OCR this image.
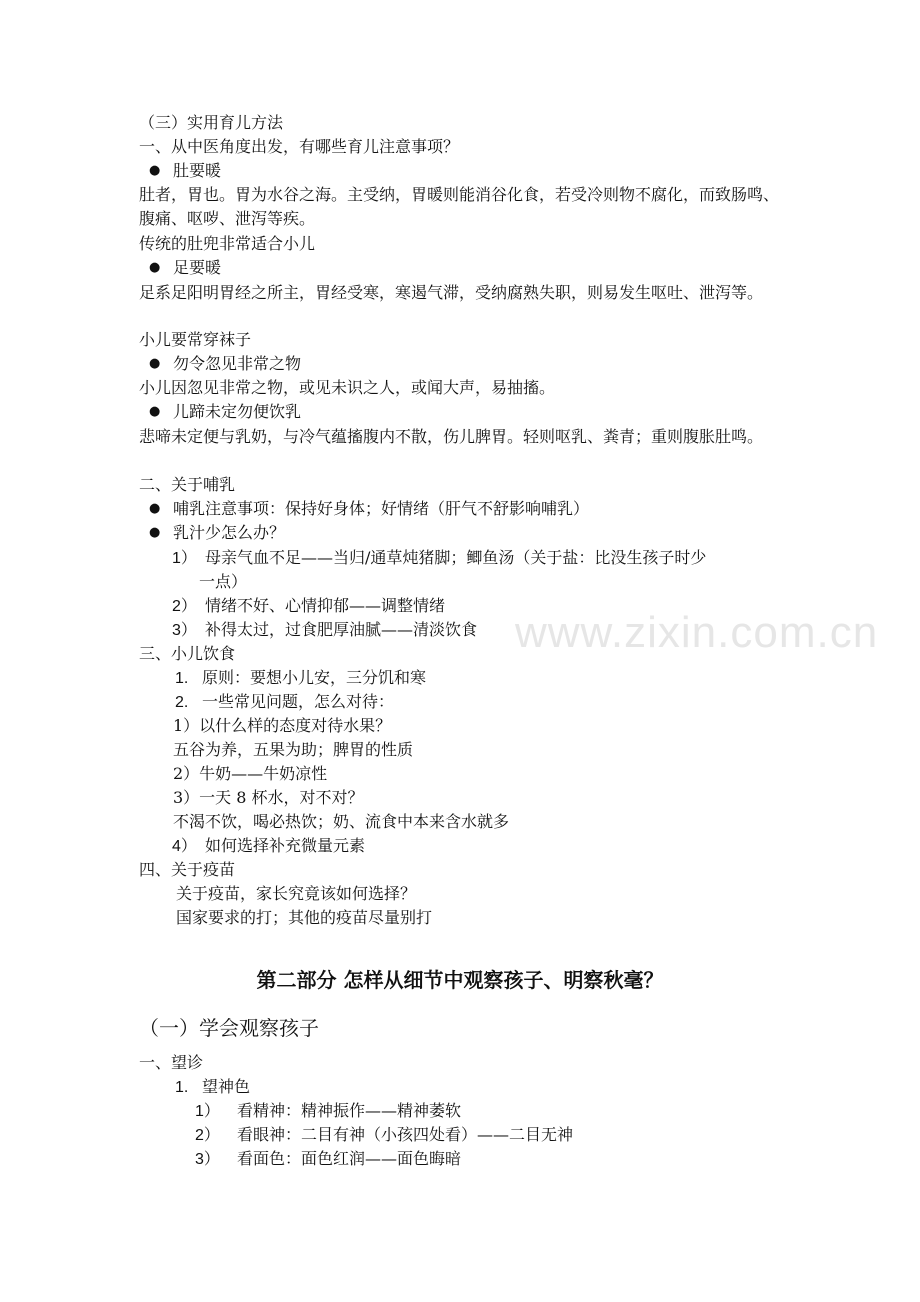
www.zixin.com.cn
（三）实用育儿方法
一、从中医角度出发，有哪些育儿注意事项？
● 肚要暖
肚者，胃也。胃为水谷之海。主受纳，胃暖则能消谷化食，若受冷则物不腐化，而致肠鸣、腹痛、呕哕、泄泻等疾。
传统的肚兜非常适合小儿
● 足要暖
足系足阳明胃经之所主，胃经受寒，寒遏气滞，受纳腐熟失职，则易发生呕吐、泄泻等。
小儿要常穿袜子
● 勿令忽见非常之物
小儿因忽见非常之物，或见未识之人，或闻大声，易抽搐。
● 儿蹄未定勿便饮乳
悲啼未定便与乳奶，与冷气蕴搐腹内不散，伤儿脾胃。轻则呕乳、粪青；重则腹胀肚鸣。
二、关于哺乳
● 哺乳注意事项：保持好身体；好情绪（肝气不舒影响哺乳）
● 乳汁少怎么办？
1） 母亲气血不足——当归/通草炖猪脚；鲫鱼汤（关于盐：比没生孩子时少
一点）
2） 情绪不好、心情抑郁——调整情绪
3） 补得太过，过食肥厚油腻——清淡饮食
三、小儿饮食
1. 原则：要想小儿安，三分饥和寒
2. 一些常见问题，怎么对待：
1）以什么样的态度对待水果？
五谷为养，五果为助；脾胃的性质
2）牛奶——牛奶凉性
3）一天 8 杯水，对不对？
不渴不饮，喝必热饮；奶、流食中本来含水就多
4） 如何选择补充微量元素
四、关于疫苗
关于疫苗，家长究竟该如何选择？
国家要求的打；其他的疫苗尽量别打
第二部分 怎样从细节中观察孩子、明察秋毫？
（一）学会观察孩子
一、望诊
1. 望神色
1） 看精神：精神振作——精神萎软
2） 看眼神：二目有神（小孩四处看）——二目无神
3） 看面色：面色红润——面色晦暗
